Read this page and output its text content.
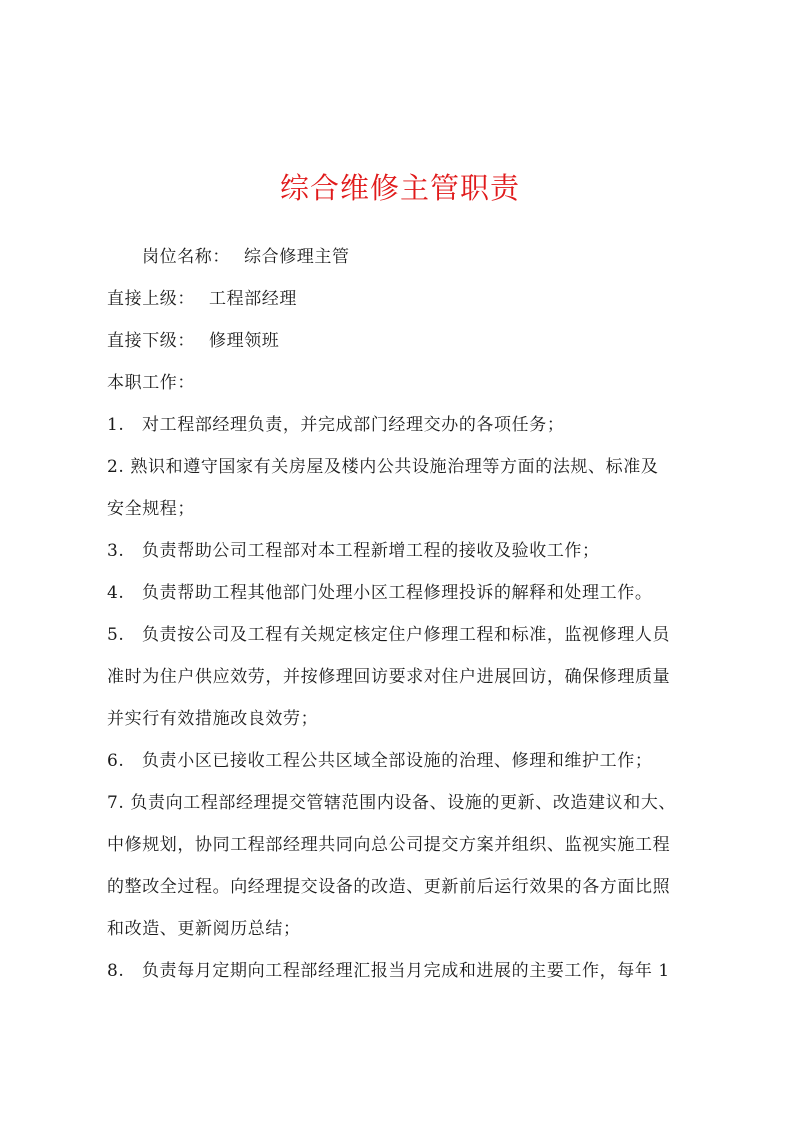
综合维修主管职责
岗位名称： 综合修理主管
直接上级： 工程部经理
直接下级： 修理领班
本职工作：
1.　对工程部经理负责，并完成部门经理交办的各项任务；
2. 熟识和遵守国家有关房屋及楼内公共设施治理等方面的法规、标准及
安全规程；
3.　负责帮助公司工程部对本工程新增工程的接收及验收工作；
4.　负责帮助工程其他部门处理小区工程修理投诉的解释和处理工作。
5.　负责按公司及工程有关规定核定住户修理工程和标准，监视修理人员
准时为住户供应效劳，并按修理回访要求对住户进展回访，确保修理质量
并实行有效措施改良效劳；
6.　负责小区已接收工程公共区域全部设施的治理、修理和维护工作；
7. 负责向工程部经理提交管辖范围内设备、设施的更新、改造建议和大、
中修规划，协同工程部经理共同向总公司提交方案并组织、监视实施工程
的整改全过程。向经理提交设备的改造、更新前后运行效果的各方面比照
和改造、更新阅历总结；
8.　负责每月定期向工程部经理汇报当月完成和进展的主要工作，每年 1
